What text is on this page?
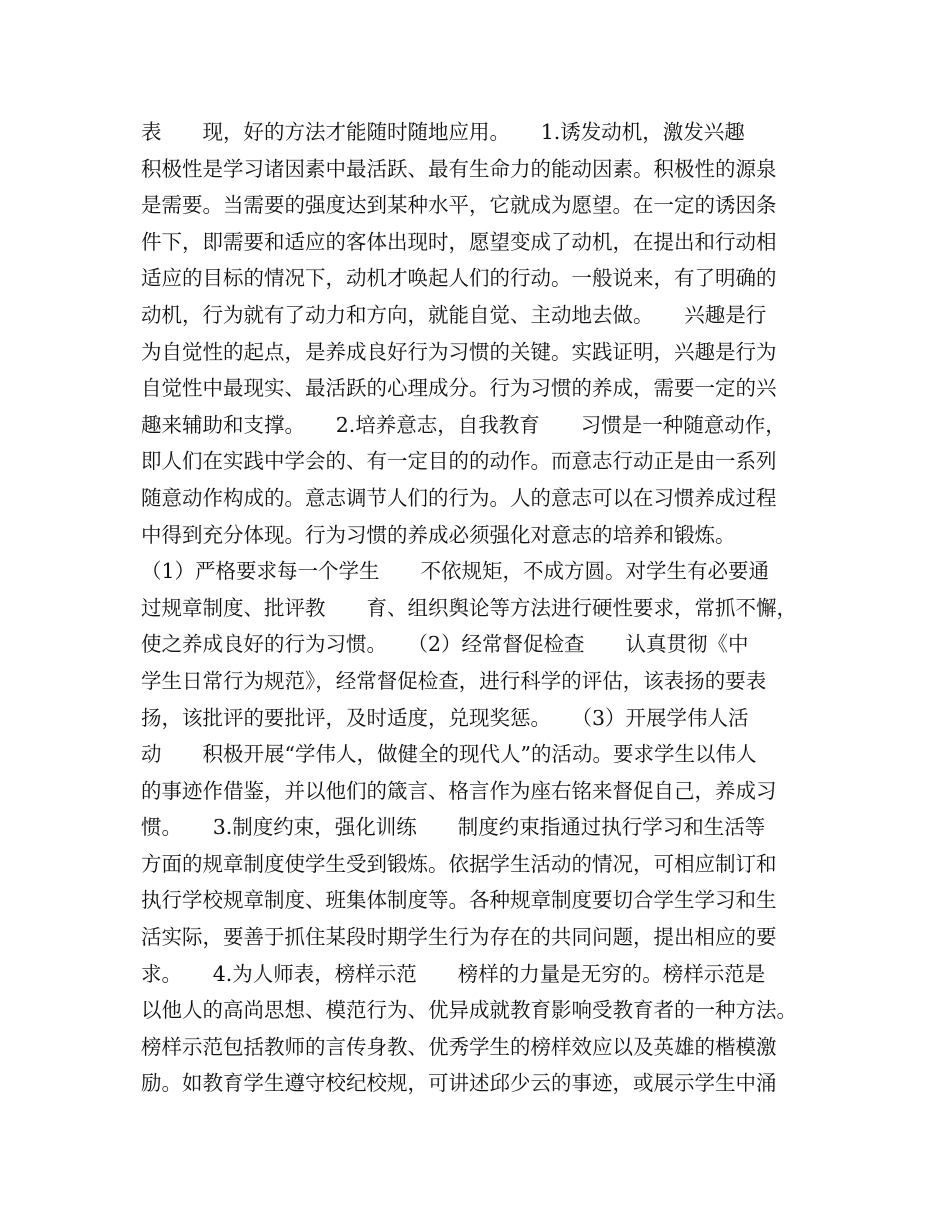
表　　现，好的方法才能随时随地应用。　　1.诱发动机，激发兴趣
积极性是学习诸因素中最活跃、最有生命力的能动因素。积极性的源泉
是需要。当需要的强度达到某种水平，它就成为愿望。在一定的诱因条
件下，即需要和适应的客体出现时，愿望变成了动机，在提出和行动相
适应的目标的情况下，动机才唤起人们的行动。一般说来，有了明确的
动机，行为就有了动力和方向，就能自觉、主动地去做。　　兴趣是行
为自觉性的起点，是养成良好行为习惯的关键。实践证明，兴趣是行为
自觉性中最现实、最活跃的心理成分。行为习惯的养成，需要一定的兴
趣来辅助和支撑。　　2.培养意志，自我教育　　习惯是一种随意动作，
即人们在实践中学会的、有一定目的的动作。而意志行动正是由一系列
随意动作构成的。意志调节人们的行为。人的意志可以在习惯养成过程
中得到充分体现。行为习惯的养成必须强化对意志的培养和锻炼。
（1）严格要求每一个学生　　不依规矩，不成方圆。对学生有必要通
过规章制度、批评教　　育、组织舆论等方法进行硬性要求，常抓不懈，
使之养成良好的行为习惯。　　（2）经常督促检查　　认真贯彻《中
学生日常行为规范》，经常督促检查，进行科学的评估，该表扬的要表
扬，该批评的要批评，及时适度，兑现奖惩。　　（3）开展学伟人活
动　　积极开展“学伟人，做健全的现代人”的活动。要求学生以伟人
的事迹作借鉴，并以他们的箴言、格言作为座右铭来督促自己，养成习
惯。　　3.制度约束，强化训练　　制度约束指通过执行学习和生活等
方面的规章制度使学生受到锻炼。依据学生活动的情况，可相应制订和
执行学校规章制度、班集体制度等。各种规章制度要切合学生学习和生
活实际，要善于抓住某段时期学生行为存在的共同问题，提出相应的要
求。　　4.为人师表，榜样示范　　榜样的力量是无穷的。榜样示范是
以他人的高尚思想、模范行为、优异成就教育影响受教育者的一种方法。
榜样示范包括教师的言传身教、优秀学生的榜样效应以及英雄的楷模激
励。如教育学生遵守校纪校规，可讲述邱少云的事迹，或展示学生中涌
